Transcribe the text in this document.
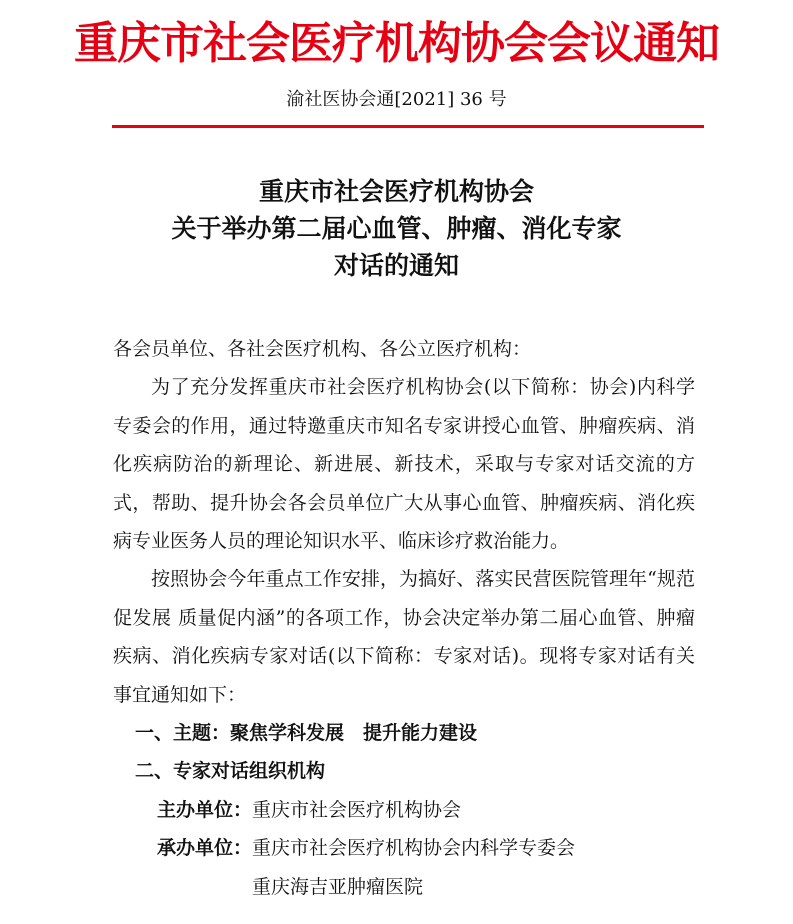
重庆市社会医疗机构协会会议通知
渝社医协会通[2021] 36 号
重庆市社会医疗机构协会
关于举办第二届心血管、肿瘤、消化专家
对话的通知

各会员单位、各社会医疗机构、各公立医疗机构：

为了充分发挥重庆市社会医疗机构协会(以下简称：协会)内科学专委会的作用，通过特邀重庆市知名专家讲授心血管、肿瘤疾病、消化疾病防治的新理论、新进展、新技术，采取与专家对话交流的方式，帮助、提升协会各会员单位广大从事心血管、肿瘤疾病、消化疾病专业医务人员的理论知识水平、临床诊疗救治能力。

按照协会今年重点工作安排，为搞好、落实民营医院管理年“规范促发展 质量促内涵”的各项工作，协会决定举办第二届心血管、肿瘤疾病、消化疾病专家对话(以下简称：专家对话)。现将专家对话有关事宜通知如下：

一、主题：聚焦学科发展　提升能力建设

二、专家对话组织机构

主办单位： 重庆市社会医疗机构协会
承办单位： 重庆市社会医疗机构协会内科学专委会
重庆海吉亚肿瘤医院
